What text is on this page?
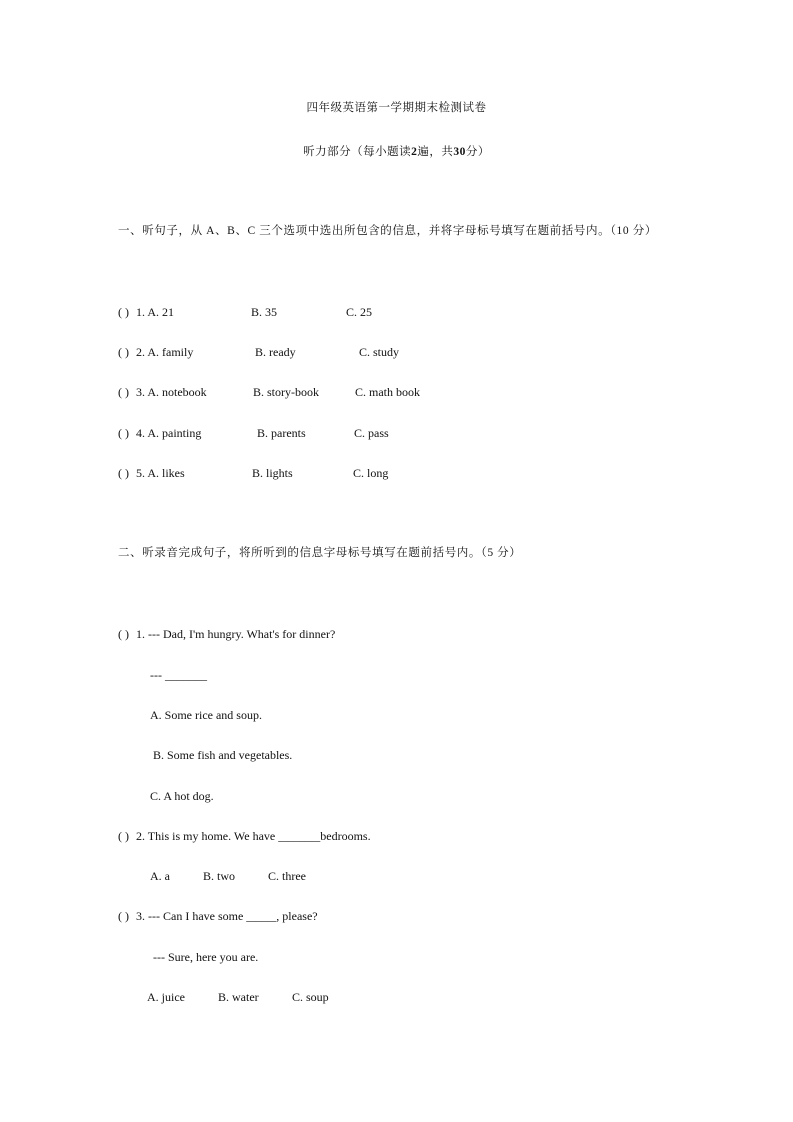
四年级英语第一学期期末检测试卷
听力部分（每小题读2遍，共30分）
一、听句子，从 A、B、C 三个选项中选出所包含的信息，并将字母标号填写在题前括号内。（10 分）
( ) 1. A. 21	B. 35	C. 25
( ) 2. A. family	B. ready	C. study
( ) 3. A. notebook	B. story-book	C. math book
( ) 4. A. painting	B. parents	C. pass
( ) 5. A. likes	B. lights	C. long
二、听录音完成句子，将所听到的信息字母标号填写在题前括号内。（5 分）
( ) 1. --- Dad, I'm hungry. What's for dinner?
--- _______
A. Some rice and soup.
B. Some fish and vegetables.
C. A hot dog.
( ) 2. This is my home. We have _______bedrooms.
A. a	B. two	C. three
( ) 3. --- Can I have some _____, please?
--- Sure, here you are.
A. juice	B. water	C. soup
